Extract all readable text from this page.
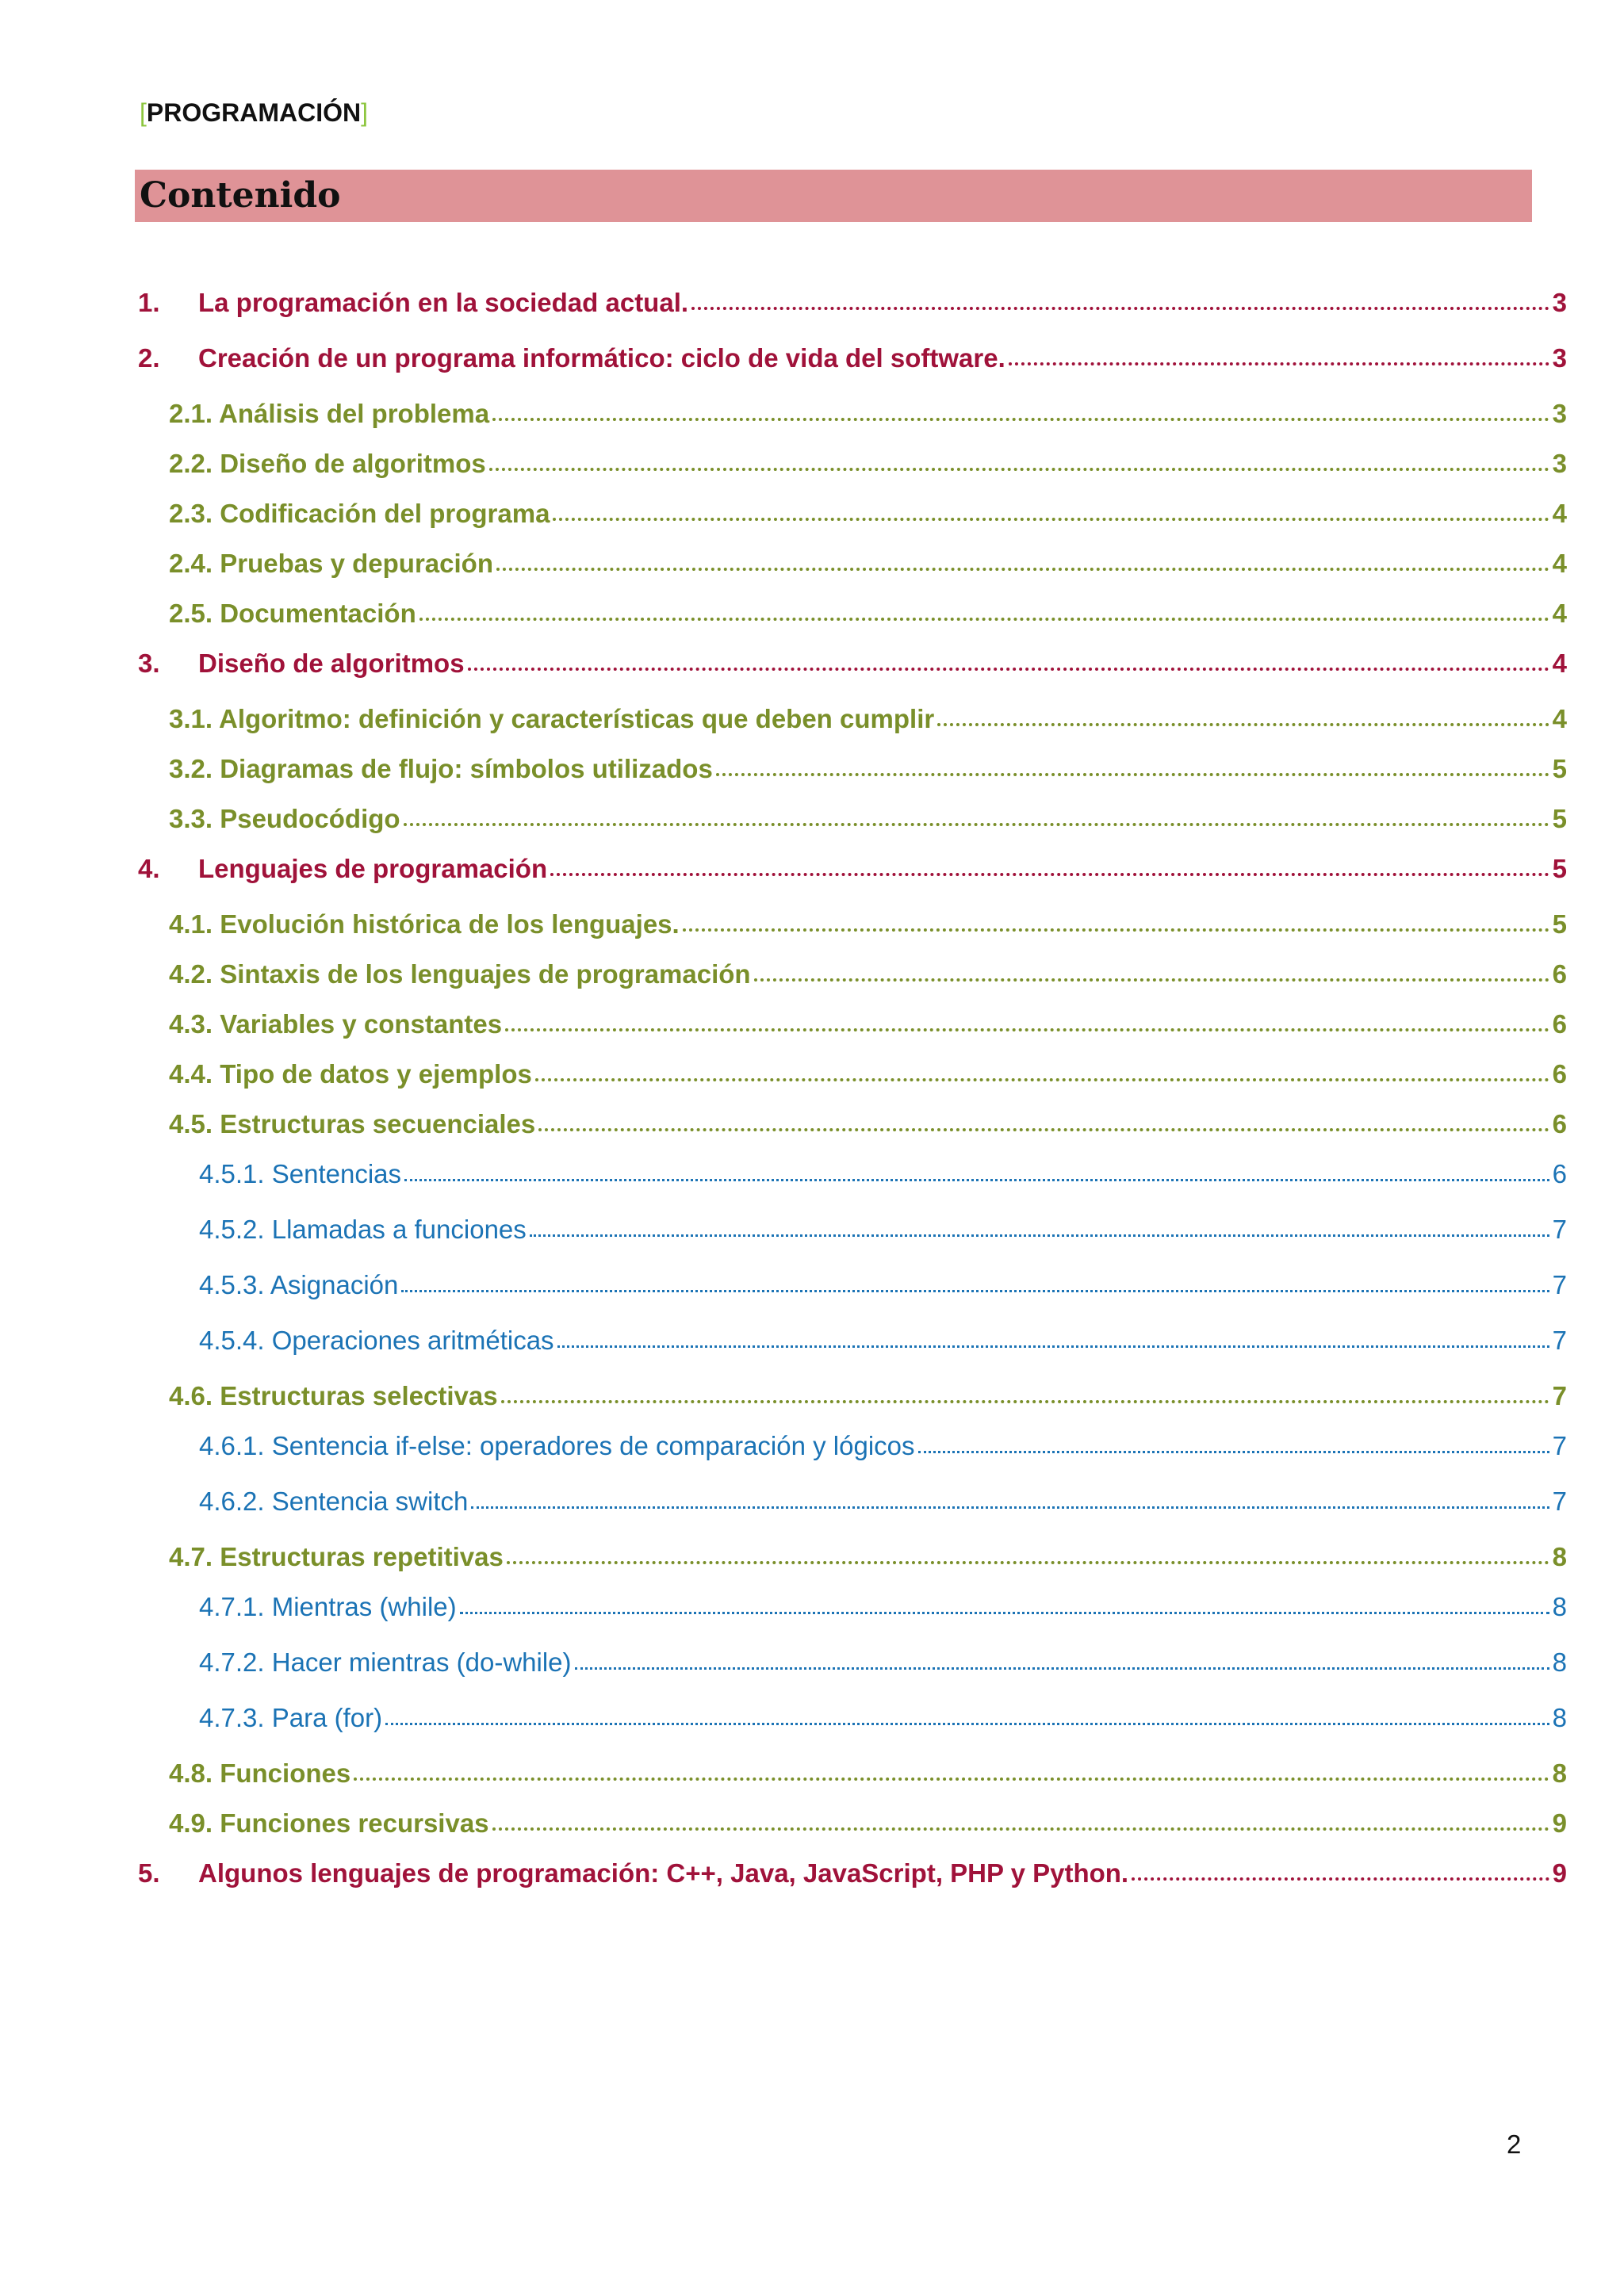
[PROGRAMACIÓN]
Contenido
1. La programación en la sociedad actual.	3
2. Creación de un programa informático: ciclo de vida del software.	3
2.1. Análisis del problema	3
2.2. Diseño de algoritmos	3
2.3. Codificación del programa	4
2.4. Pruebas y depuración	4
2.5. Documentación	4
3. Diseño de algoritmos	4
3.1. Algoritmo: definición y características que deben cumplir	4
3.2. Diagramas de flujo: símbolos utilizados	5
3.3. Pseudocódigo	5
4. Lenguajes de programación	5
4.1. Evolución histórica de los lenguajes.	5
4.2. Sintaxis de los lenguajes de programación	6
4.3. Variables y constantes	6
4.4. Tipo de datos y ejemplos	6
4.5. Estructuras secuenciales	6
4.5.1. Sentencias	6
4.5.2. Llamadas a funciones	7
4.5.3. Asignación	7
4.5.4. Operaciones aritméticas	7
4.6. Estructuras selectivas	7
4.6.1. Sentencia if-else: operadores de comparación y lógicos	7
4.6.2. Sentencia switch	7
4.7. Estructuras repetitivas	8
4.7.1. Mientras (while)	8
4.7.2. Hacer mientras (do-while)	8
4.7.3. Para (for)	8
4.8. Funciones	8
4.9. Funciones recursivas	9
5. Algunos lenguajes de programación: C++, Java, JavaScript, PHP y Python.	9
2
